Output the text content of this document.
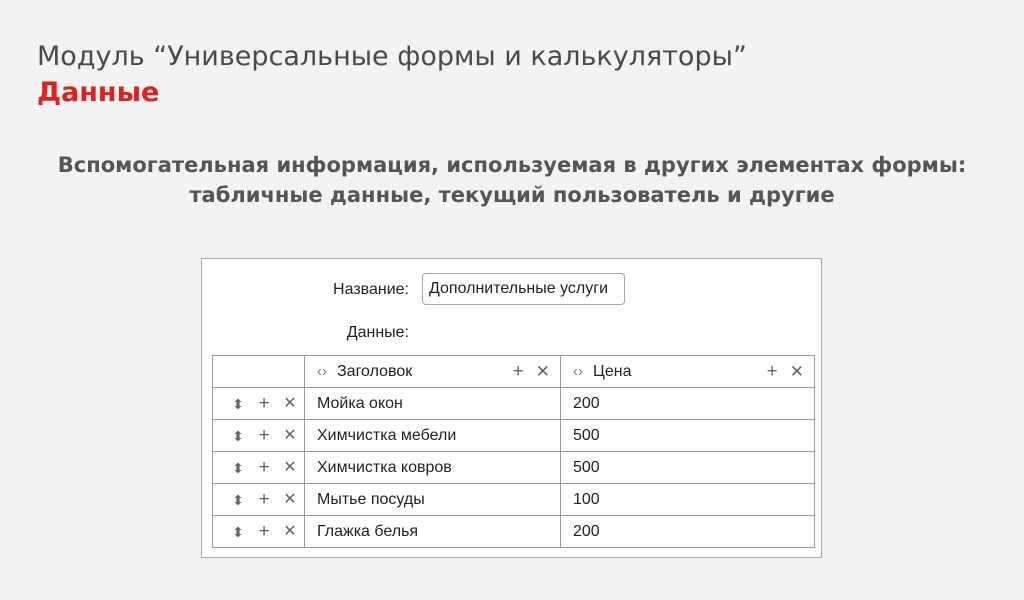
Модуль “Универсальные формы и калькуляторы”
Данные
Вспомогательная информация, используемая в других элементах формы:
табличные данные, текущий пользователь и другие
Название:
Дополнительные услуги
Данные:

	‹› Заголовок + ✕	‹› Цена + ✕

⬍ + ✕	Мойка окон	200

⬍ + ✕	Химчистка мебели	500

⬍ + ✕	Химчистка ковров	500

⬍ + ✕	Мытье посуды	100

⬍ + ✕	Глажка белья	200
